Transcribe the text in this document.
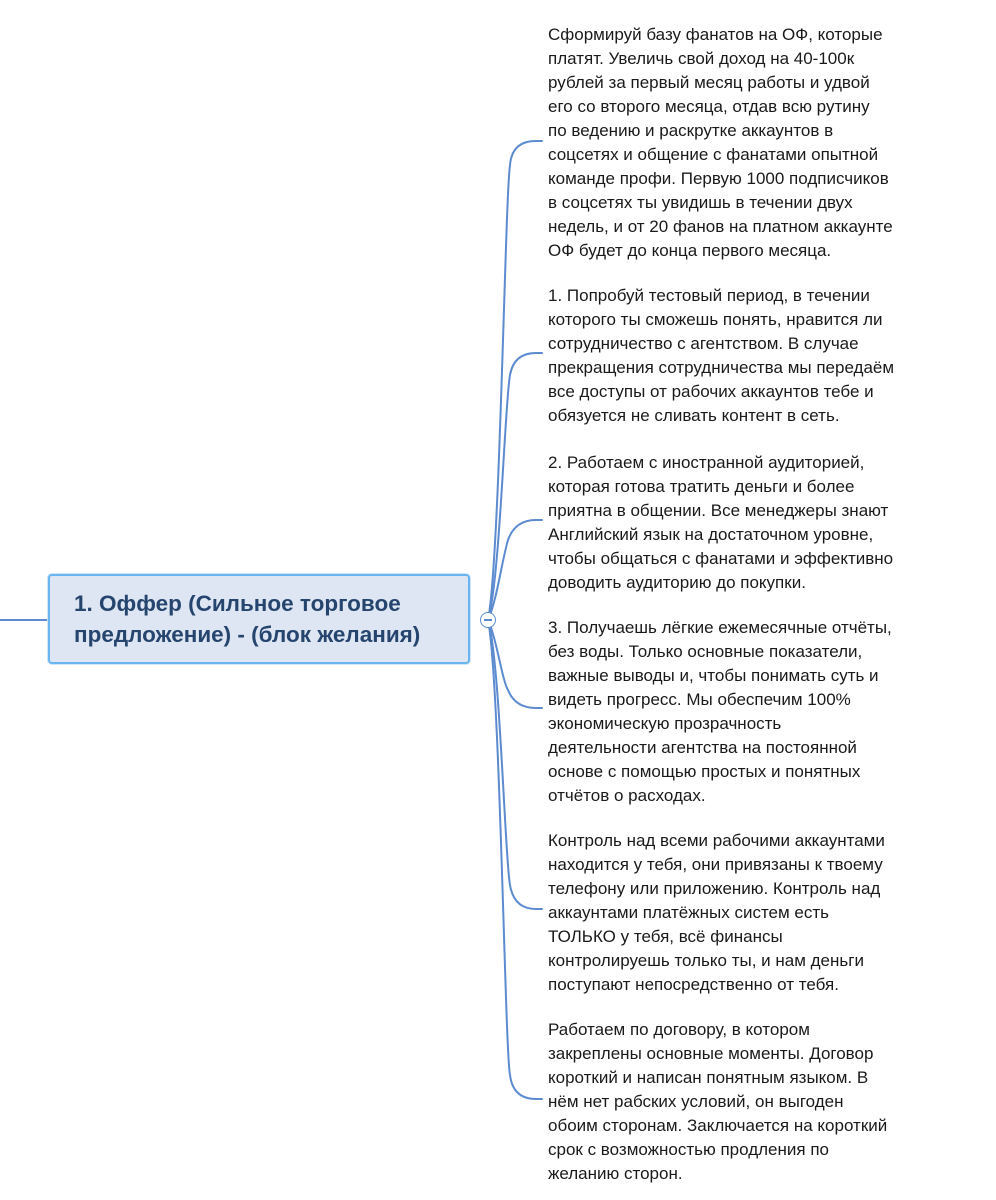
1. Оффер (Сильное торговое
предложение) - (блок желания)
Сформируй базу фанатов на ОФ, которые
платят. Увеличь свой доход на 40-100к
рублей за первый месяц работы и удвой
его со второго месяца, отдав всю рутину
по ведению и раскрутке аккаунтов в
соцсетях и общение с фанатами опытной
команде профи. Первую 1000 подписчиков
в соцсетях ты увидишь в течении двух
недель, и от 20 фанов на платном аккаунте
ОФ будет до конца первого месяца.
1. Попробуй тестовый период, в течении
которого ты сможешь понять, нравится ли
сотрудничество с агентством. В случае
прекращения сотрудничества мы передаём
все доступы от рабочих аккаунтов тебе и
обязуется не сливать контент в сеть.
2. Работаем с иностранной аудиторией,
которая готова тратить деньги и более
приятна в общении. Все менеджеры знают
Английский язык на достаточном уровне,
чтобы общаться с фанатами и эффективно
доводить аудиторию до покупки.
3. Получаешь лёгкие ежемесячные отчёты,
без воды. Только основные показатели,
важные выводы и, чтобы понимать суть и
видеть прогресс. Мы обеспечим 100%
экономическую прозрачность
деятельности агентства на постоянной
основе с помощью простых и понятных
отчётов о расходах.
Контроль над всеми рабочими аккаунтами
находится у тебя, они привязаны к твоему
телефону или приложению. Контроль над
аккаунтами платёжных систем есть
ТОЛЬКО у тебя, всё финансы
контролируешь только ты, и нам деньги
поступают непосредственно от тебя.
Работаем по договору, в котором
закреплены основные моменты. Договор
короткий и написан понятным языком. В
нём нет рабских условий, он выгоден
обоим сторонам. Заключается на короткий
срок с возможностью продления по
желанию сторон.
